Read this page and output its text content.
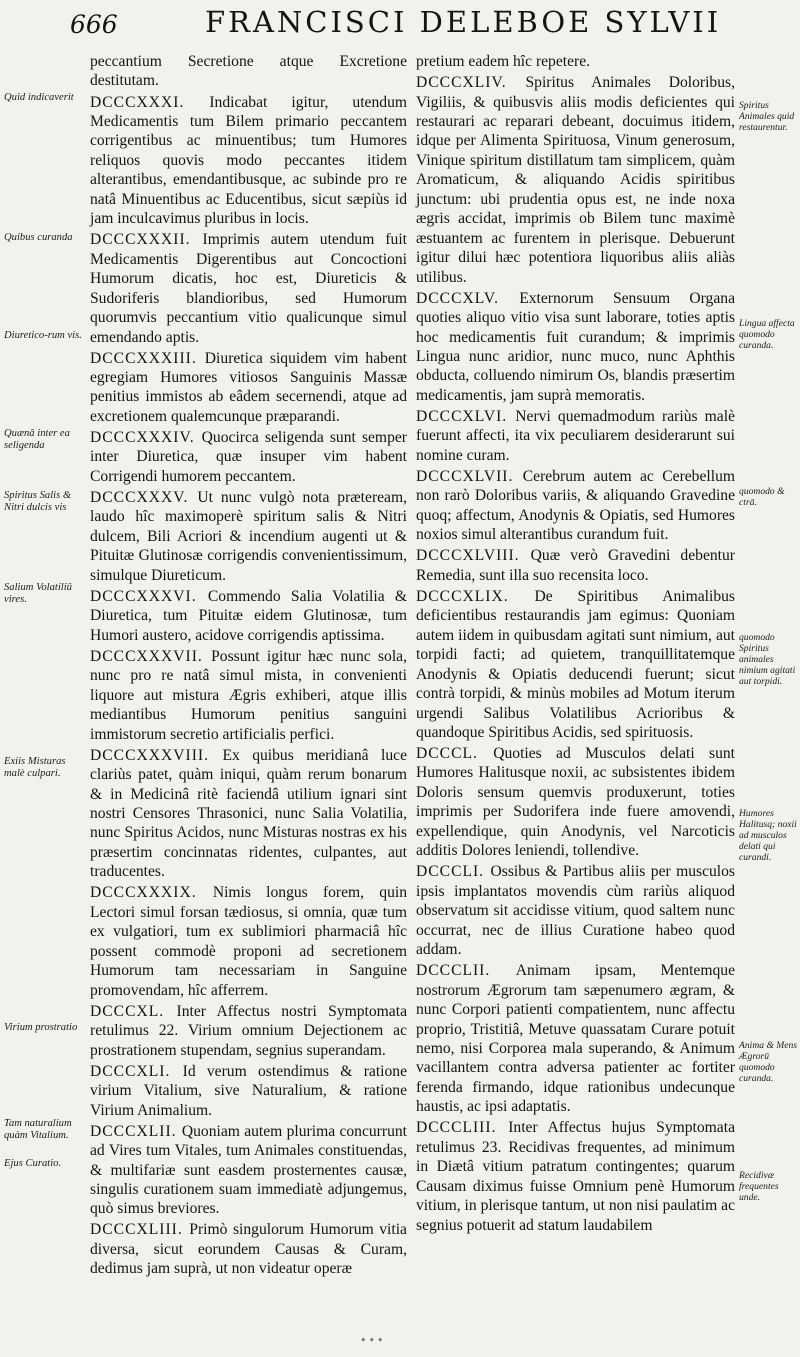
666	FRANCISCI DELEBOE SYLVII
peccantium Secretione atque Excretione destitutam.
DCCCXXXI. Indicabat igitur, utendum Medicamentis tum Bilem primario peccantem corrigentibus ac minuentibus; tum Humores reliquos quovis modo peccantes itidem alterantibus, emendantibusque, ac subinde pro re natâ Minuentibus ac Educentibus, sicut sæpiùs id jam inculcavimus pluribus in locis.
DCCCXXXII. Imprimis autem utendum fuit Medicamentis Digerentibus aut Concoctioni Humorum dicatis, hoc est, Diureticis & Sudoriferis blandioribus, sed Humorum quorumvis peccantium vitio qualicunque simul emendando aptis.
DCCCXXXIII. Diuretica siquidem vim habent egregiam Humores vitiosos Sanguinis Massæ penitius immistos ab eâdem secernendi, atque ad excretionem qualemcunque præparandi.
DCCCXXXIV. Quocirca seligenda sunt semper inter Diuretica, quæ insuper vim habent Corrigendi humorem peccantem.
DCCCXXXV. Ut nunc vulgò nota præteream, laudo hîc maximoperè spiritum salis & Nitri dulcem, Bili Acriori & incendium augenti ut & Pituitæ Glutinosæ corrigendis convenientissimum, simulque Diureticum.
DCCCXXXVI. Commendo Salia Volatilia & Diuretica, tum Pituitæ eidem Glutinosæ, tum Humori austero, acidove corrigendis aptissima.
DCCCXXXVII. Possunt igitur hæc nunc sola, nunc pro re natâ simul mista, in convenienti liquore aut mistura Ægris exhiberi, atque illis mediantibus Humorum penitius sanguini immistorum secretio artificialis perfici.
DCCCXXXVIII. Ex quibus meridianâ luce clariùs patet, quàm iniqui, quàm rerum bonarum & in Medicinâ ritè faciendâ utilium ignari sint nostri Censores Thrasonici, nunc Salia Volatilia, nunc Spiritus Acidos, nunc Misturas nostras ex his præsertim concinnatas ridentes, culpantes, aut traducentes.
DCCCXXXIX. Nimis longus forem, quin Lectori simul forsan tædiosus, si omnia, quæ tum ex vulgatiori, tum ex sublimiori pharmaciâ hîc possent commodè proponi ad secretionem Humorum tam necessariam in Sanguine promovendam, hîc afferrem.
DCCCXL. Inter Affectus nostri Symptomata retulimus 22. Virium omnium Dejectionem ac prostrationem stupendam, segnius superandam.
DCCCXLI. Id verum ostendimus & ratione virium Vitalium, sive Naturalium, & ratione Virium Animalium.
DCCCXLII. Quoniam autem plurima concurrunt ad Vires tum Vitales, tum Animales constituendas, & multifariæ sunt easdem prosternentes causæ, singulis curationem suam immediatè adjungemus, quò simus breviores.
DCCCXLIII. Primò singulorum Humorum vitia diversa, sicut eorundem Causas & Curam, dedimus jam suprà, ut non videatur operæ
pretium eadem hîc repetere.
DCCCXLIV. Spiritus Animales Doloribus, Vigiliis, & quibusvis aliis modis deficientes qui restaurari ac reparari debeant, docuimus itidem, idque per Alimenta Spirituosa, Vinum generosum, Vinique spiritum distillatum tam simplicem, quàm Aromaticum, & aliquando Acidis spiritibus junctum: ubi prudentia opus est, ne inde noxa ægris accidat, imprimis ob Bilem tunc maximè æstuantem ac furentem in plerisque. Debuerunt igitur dilui hæc potentiora liquoribus aliis aliàs utilibus.
DCCCXLV. Externorum Sensuum Organa quoties aliquo vitio visa sunt laborare, toties aptis hoc medicamentis fuit curandum; & imprimis Lingua nunc aridior, nunc muco, nunc Aphthis obducta, colluendo nimirum Os, blandis præsertim medicamentis, jam suprà memoratis.
DCCCXLVI. Nervi quemadmodum rariùs malè fuerunt affecti, ita vix peculiarem desiderarunt sui nomine curam.
DCCCXLVII. Cerebrum autem ac Cerebellum non rarò Doloribus variis, & aliquando Gravedine quoq; affectum, Anodynis & Opiatis, sed Humores noxios simul alterantibus curandum fuit.
DCCCXLVIII. Quæ verò Gravedini debentur Remedia, sunt illa suo recensita loco.
DCCCXLIX. De Spiritibus Animalibus deficientibus restaurandis jam egimus: Quoniam autem iidem in quibusdam agitati sunt nimium, aut torpidi facti; ad quietem, tranquillitatemque Anodynis & Opiatis deducendi fuerunt; sicut contrà torpidi, & minùs mobiles ad Motum iterum urgendi Salibus Volatilibus Acrioribus & quandoque Spiritibus Acidis, sed spirituosis.
DCCCL. Quoties ad Musculos delati sunt Humores Halitusque noxii, ac subsistentes ibidem Doloris sensum quemvis produxerunt, toties imprimis per Sudorifera inde fuere amovendi, expellendique, quin Anodynis, vel Narcoticis additis Dolores leniendi, tollendive.
DCCCLI. Ossibus & Partibus aliis per musculos ipsis implantatos movendis cùm rariùs aliquod observatum sit accidisse vitium, quod saltem nunc occurrat, nec de illius Curatione habeo quod addam.
DCCCLII. Animam ipsam, Mentemque nostrorum Ægrorum tam sæpenumero ægram, & nunc Corpori patienti compatientem, nunc affectu proprio, Tristitiâ, Metuve quassatam Curare potuit nemo, nisi Corporea mala superando, & Animum vacillantem contra adversa patienter ac fortiter ferenda firmando, idque rationibus undecunque haustis, ac ipsi adaptatis.
DCCCLIII. Inter Affectus hujus Symptomata retulimus 23. Recidivas frequentes, ad minimum in Diætâ vitium patratum contingentes; quarum Causam diximus fuisse Omnium penè Humorum vitium, in plerisque tantum, ut non nisi paulatim ac segnius potuerit ad statum laudabilem
Quid indicaverit
Quibus curanda
Diuretico-rum vis.
Quænā inter ea seligenda
Spiritus Salis & Nitri dulcis vis
Salium Volatiliū vires.
Exiis Misturas malè culpari.
Virium prostratio
Tam naturalium quàm Vitalium.
Ejus Curatio.
Spiritus Animales quid restaurentur.
Lingua affecta quomodo curanda.
quomodo & ctrā.
quomodo Spiritus animales nimium agitati aut torpidi.
Humores Halitusq; noxii ad musculos delati qui curandi.
Anima & Mens Ægrorū quomodo curanda.
Recidivæ frequentes unde.
•••
